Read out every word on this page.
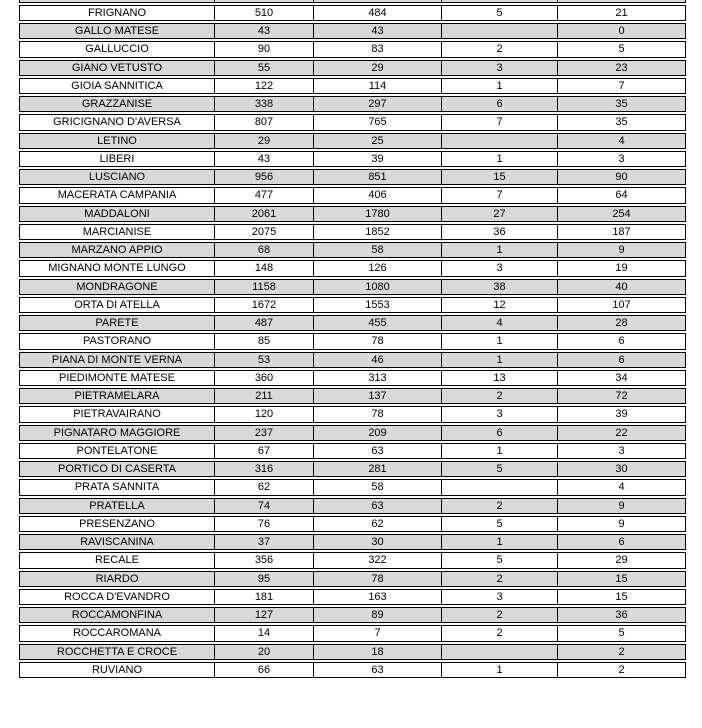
FRIGNANO	510	484	5	21
GALLO MATESE	43	43		0
GALLUCCIO	90	83	2	5
GIANO VETUSTO	55	29	3	23
GIOIA SANNITICA	122	114	1	7
GRAZZANISE	338	297	6	35
GRICIGNANO D'AVERSA	807	765	7	35
LETINO	29	25		4
LIBERI	43	39	1	3
LUSCIANO	956	851	15	90
MACERATA CAMPANIA	477	406	7	64
MADDALONI	2061	1780	27	254
MARCIANISE	2075	1852	36	187
MARZANO APPIO	68	58	1	9
MIGNANO MONTE LUNGO	148	126	3	19
MONDRAGONE	1158	1080	38	40
ORTA DI ATELLA	1672	1553	12	107
PARETE	487	455	4	28
PASTORANO	85	78	1	6
PIANA DI MONTE VERNA	53	46	1	6
PIEDIMONTE MATESE	360	313	13	34
PIETRAMELARA	211	137	2	72
PIETRAVAIRANO	120	78	3	39
PIGNATARO MAGGIORE	237	209	6	22
PONTELATONE	67	63	1	3
PORTICO DI CASERTA	316	281	5	30
PRATA SANNITA	62	58		4
PRATELLA	74	63	2	9
PRESENZANO	76	62	5	9
RAVISCANINA	37	30	1	6
RECALE	356	322	5	29
RIARDO	95	78	2	15
ROCCA D'EVANDRO	181	163	3	15
ROCCAMONFINA	127	89	2	36
ROCCAROMANA	14	7	2	5
ROCCHETTA E CROCE	20	18		2
RUVIANO	66	63	1	2
